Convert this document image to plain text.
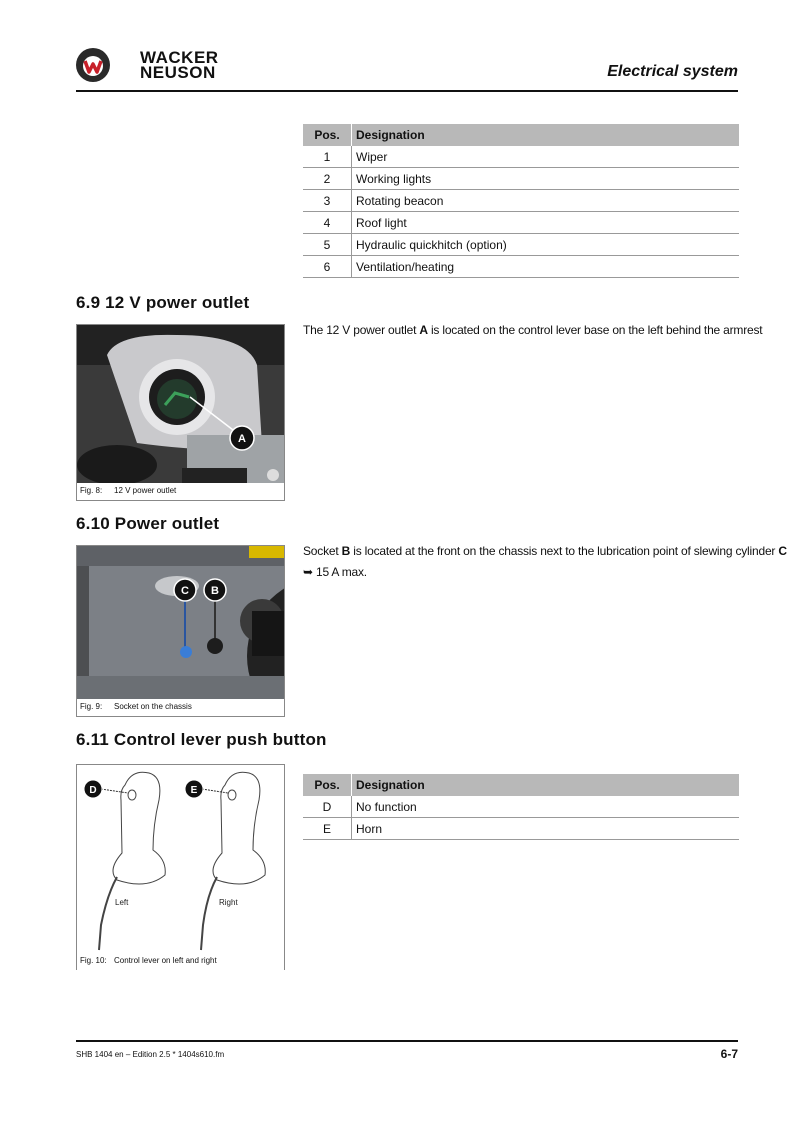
WACKER
NEUSON	Electrical system
Pos.	Designation
1	Wiper
2	Working lights
3	Rotating beacon
4	Roof light
5	Hydraulic quickhitch (option)
6	Ventilation/heating
6.9 12 V power outlet
The 12 V power outlet A is located on the control lever base on the left behind the armrest
A
Fig. 8: 12 V power outlet
6.10 Power outlet
Socket B is located at the front on the chassis next to the lubrication point of slewing cylinder C
➥ 15 A max.
C B
Fig. 9: Socket on the chassis
6.11 Control lever push button
D
Left
E
Right
Fig. 10: Control lever on left and right
Pos.	Designation
D	No function
E	Horn
SHB 1404 en – Edition 2.5 * 1404s610.fm	6-7
